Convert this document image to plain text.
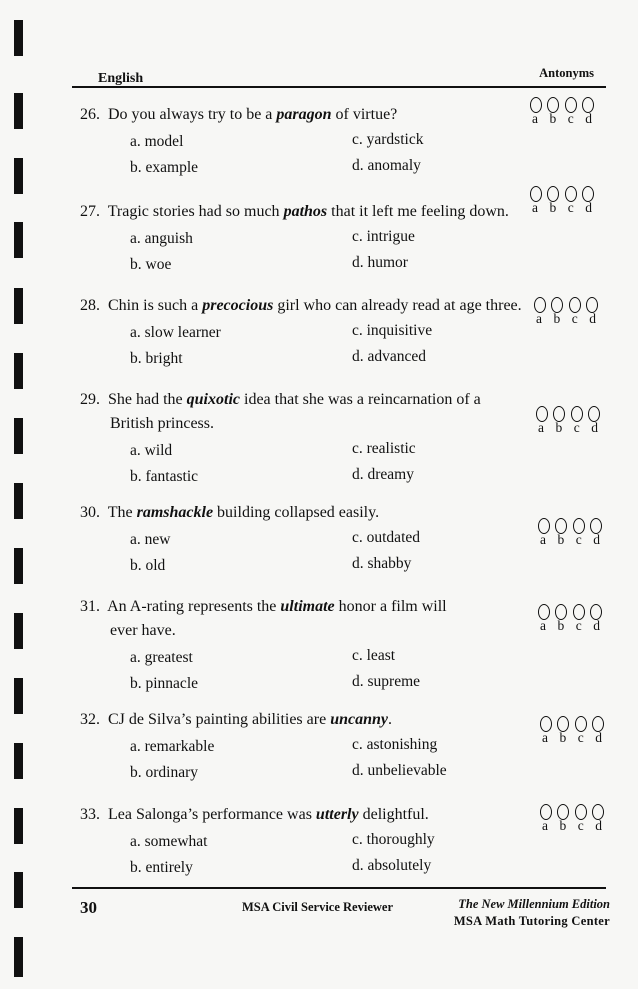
English	Antonyms
26. Do you always try to be a paragon of virtue?
a. model	c. yardstick
b. example	d. anomaly
a b c d
27. Tragic stories had so much pathos that it left me feeling down.
a. anguish	c. intrigue
b. woe	d. humor
a b c d
28. Chin is such a precocious girl who can already read at age three.
a. slow learner	c. inquisitive
b. bright	d. advanced
a b c d
29. She had the quixotic idea that she was a reincarnation of a
British princess.
a. wild	c. realistic
b. fantastic	d. dreamy
a b c d
30. The ramshackle building collapsed easily.
a. new	c. outdated
b. old	d. shabby
a b c d
31. An A-rating represents the ultimate honor a film will
ever have.
a. greatest	c. least
b. pinnacle	d. supreme
a b c d
32. CJ de Silva’s painting abilities are uncanny.
a. remarkable	c. astonishing
b. ordinary	d. unbelievable
a b c d
33. Lea Salonga’s performance was utterly delightful.
a. somewhat	c. thoroughly
b. entirely	d. absolutely
a b c d
30	MSA Civil Service Reviewer	The New Millennium Edition
MSA Math Tutoring Center
